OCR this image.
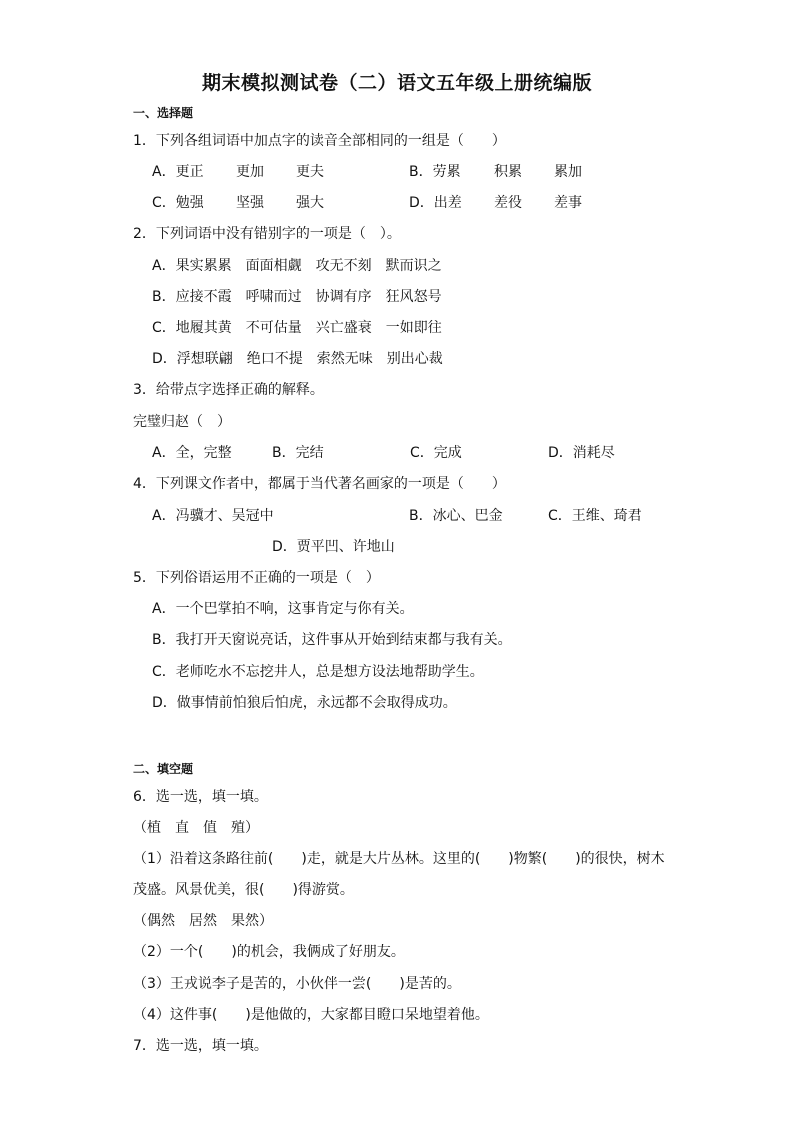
期末模拟测试卷（二）语文五年级上册统编版
一、选择题
1．下列各组词语中加点字的读音全部相同的一组是（　　）
A．更正 更加 更夫	B．劳累 积累 累加
C．勉强 坚强 强大	D．出差 差役 差事
2．下列词语中没有错别字的一项是（　）。
A．果实累累　面面相觑　攻无不刻　默而识之
B．应接不霞　呼啸而过　协调有序　狂风怒号
C．地履其黄　不可估量　兴亡盛衰　一如即往
D．浮想联翩　绝口不提　索然无味　别出心裁
3．给带点字选择正确的解释。
完璧归赵（　）
A．全，完整	B．完结	C．完成	D．消耗尽
4．下列课文作者中，都属于当代著名画家的一项是（　　）
A．冯骥才、吴冠中	B．冰心、巴金	C．王维、琦君
D．贾平凹、许地山
5．下列俗语运用不正确的一项是（　）
A．一个巴掌拍不响，这事肯定与你有关。
B．我打开天窗说亮话，这件事从开始到结束都与我有关。
C．老师吃水不忘挖井人，总是想方设法地帮助学生。
D．做事情前怕狼后怕虎，永远都不会取得成功。
二、填空题
6．选一选，填一填。
（植　直　值　殖）
（1）沿着这条路往前(　　)走，就是大片丛林。这里的(　　)物繁(　　)的很快，树木
茂盛。风景优美，很(　　)得游赏。
（偶然　居然　果然）
（2）一个(　　)的机会，我俩成了好朋友。
（3）王戎说李子是苦的，小伙伴一尝(　　)是苦的。
（4）这件事(　　)是他做的，大家都目瞪口呆地望着他。
7．选一选，填一填。
